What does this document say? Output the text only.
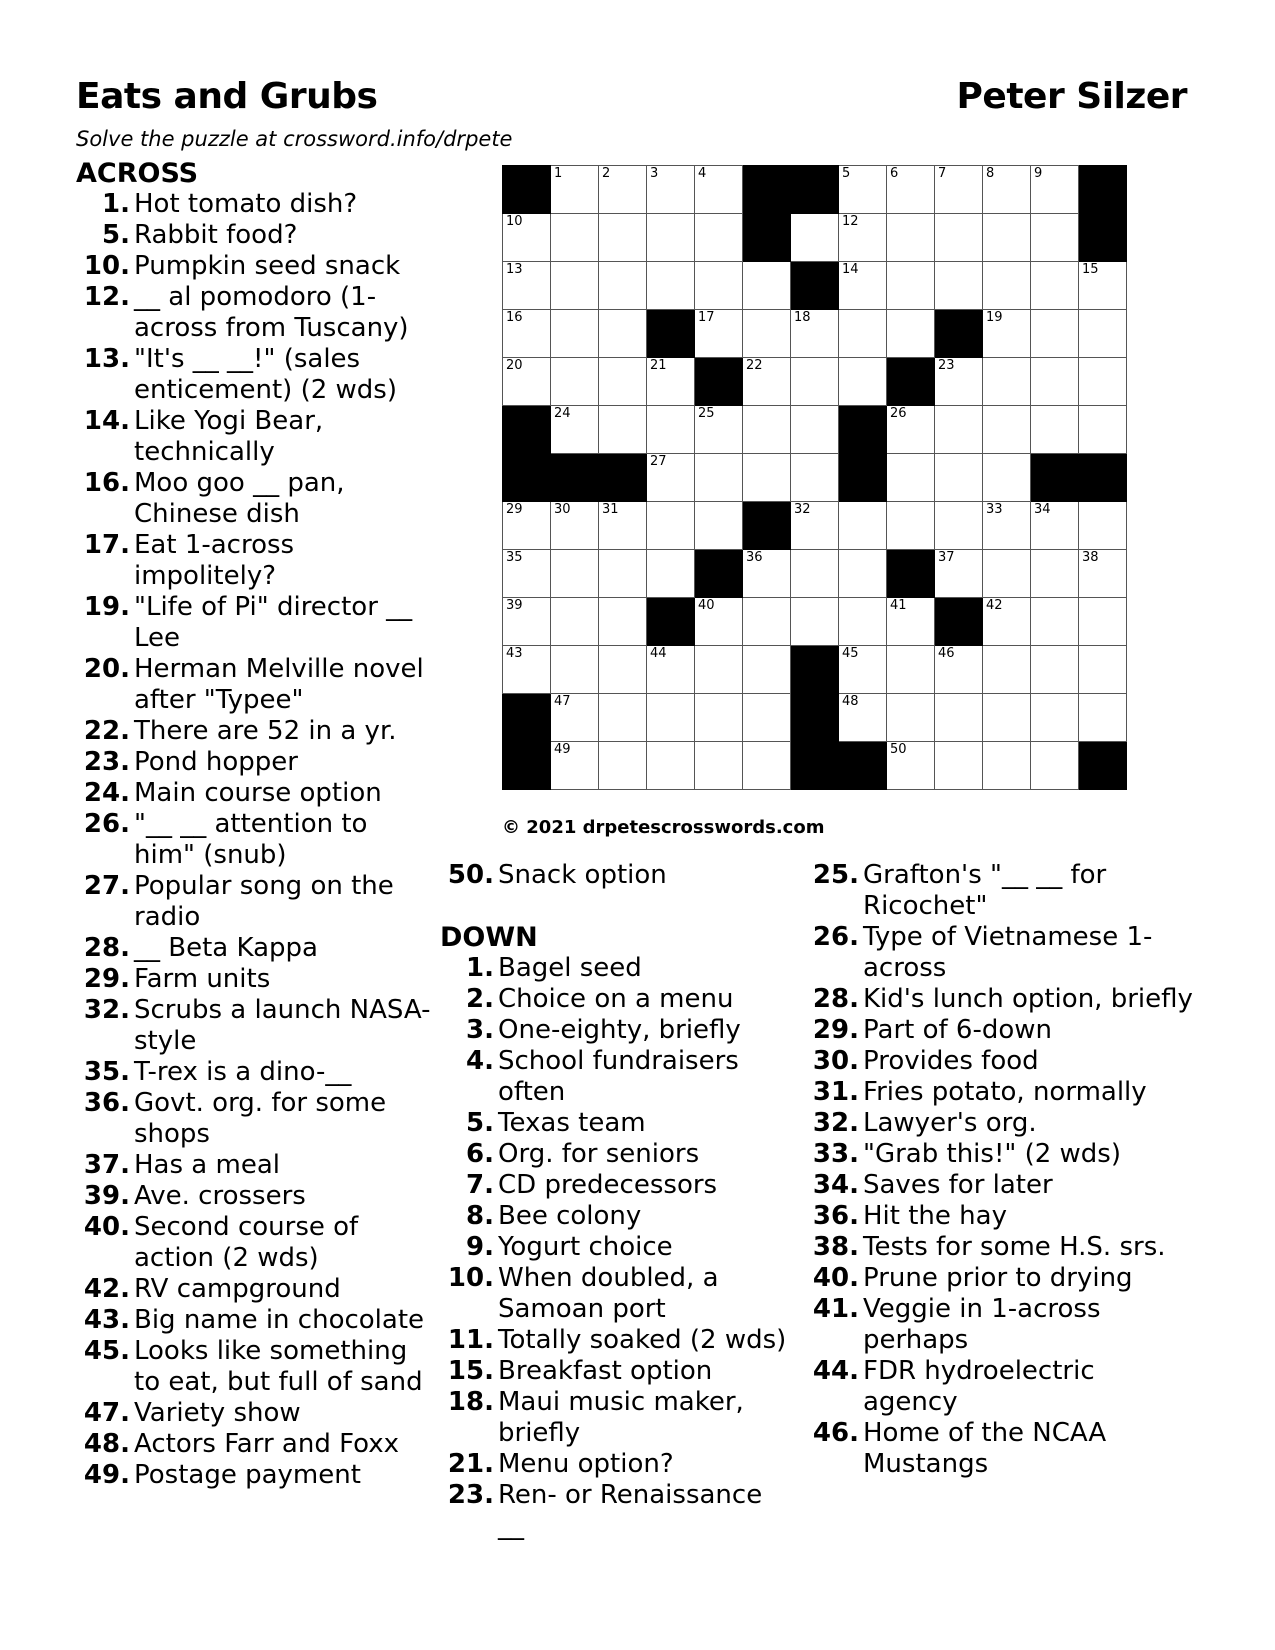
Eats and Grubs	Peter Silzer
Solve the puzzle at crossword.info/drpete
ACROSS
1 . Hot tomato dish?
5 . Rabbit food?
10 . Pumpkin seed snack
12 . __ al pomodoro (1-across from Tuscany)
13 . "It's __ __!" (sales enticement) (2 wds)
14 . Like Yogi Bear, technically
16 . Moo goo __ pan, Chinese dish
17 . Eat 1-across impolitely?
19 . "Life of Pi" director __ Lee
20 . Herman Melville novel after "Typee"
22 . There are 52 in a yr.
23 . Pond hopper
24 . Main course option
26 . "__ __ attention to him" (snub)
27 . Popular song on the radio
28 . __ Beta Kappa
29 . Farm units
32 . Scrubs a launch NASA-style
35 . T-rex is a dino-__
36 . Govt. org. for some shops
37 . Has a meal
39 . Ave. crossers
40 . Second course of action (2 wds)
42 . RV campground
43 . Big name in chocolate
45 . Looks like something to eat, but full of sand
47 . Variety show
48 . Actors Farr and Foxx
49 . Postage payment

	1	2	3	4			5	6	7	8	9	

10							12					

13							14					15

16				17		18				19		

20			21		22				23			

	24			25				26				

			27									

29	30	31				32				33	34	

35					36				37			38

39				40				41		42		

43			44				45		46			

	47						48					

	49							50				

© 2021 drpetescrosswords.com
50 . Snack option
DOWN
1 . Bagel seed
2 . Choice on a menu
3 . One-eighty, briefly
4 . School fundraisers often
5 . Texas team
6 . Org. for seniors
7 . CD predecessors
8 . Bee colony
9 . Yogurt choice
10 . When doubled, a Samoan port
11 . Totally soaked (2 wds)
15 . Breakfast option
18 . Maui music maker, briefly
21 . Menu option?
23 . Ren- or Renaissance __
25 . Grafton's "__ __ for Ricochet"
26 . Type of Vietnamese 1-across
28 . Kid's lunch option, briefly
29 . Part of 6-down
30 . Provides food
31 . Fries potato, normally
32 . Lawyer's org.
33 . "Grab this!" (2 wds)
34 . Saves for later
36 . Hit the hay
38 . Tests for some H.S. srs.
40 . Prune prior to drying
41 . Veggie in 1-across perhaps
44 . FDR hydroelectric agency
46 . Home of the NCAA Mustangs
